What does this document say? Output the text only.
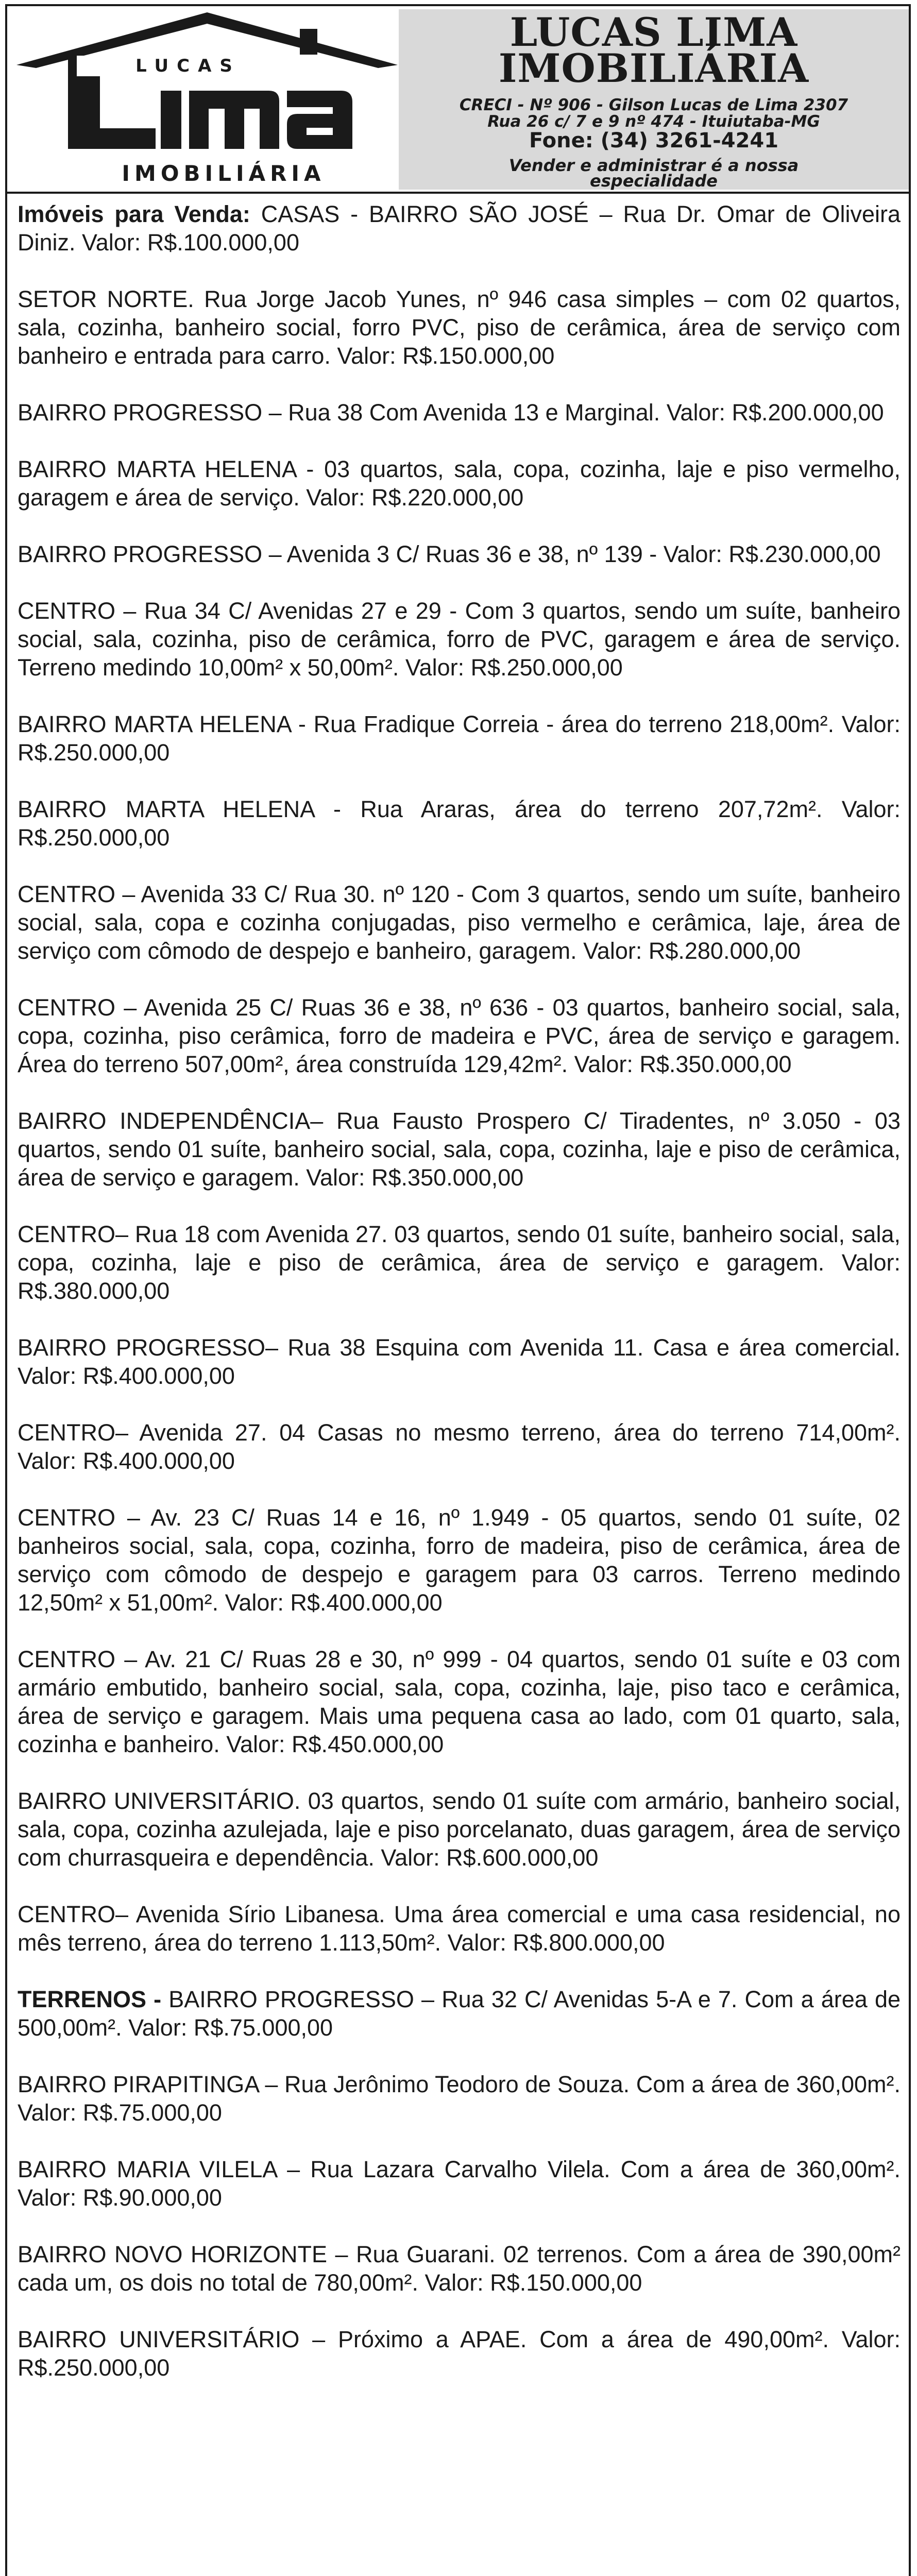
LUCAS
IMOBILIÁRIA
LUCAS LIMA
IMOBILIÁRIA
CRECI - Nº 906 - Gilson Lucas de Lima 2307
Rua 26 c/ 7 e 9 nº 474 - Ituiutaba-MG
Fone: (34) 3261-4241
Vender e administrar é a nossa
especialidade

Imóveis para Venda: CASAS - BAIRRO SÃO JOSÉ – Rua Dr. Omar de Oliveira Diniz. Valor: R$.100.000,00

SETOR NORTE. Rua Jorge Jacob Yunes, nº 946 casa simples – com 02 quartos, sala, cozinha, banheiro social, forro PVC, piso de cerâmica, área de serviço com banheiro e entrada para carro. Valor: R$.150.000,00

BAIRRO PROGRESSO – Rua 38 Com Avenida 13 e Marginal. Valor: R$.200.000,00

BAIRRO MARTA HELENA - 03 quartos, sala, copa, cozinha, laje e piso vermelho, garagem e área de serviço. Valor: R$.220.000,00

BAIRRO PROGRESSO – Avenida 3 C/ Ruas 36 e 38, nº 139 - Valor: R$.230.000,00

CENTRO – Rua 34 C/ Avenidas 27 e 29 - Com 3 quartos, sendo um suíte, banheiro social, sala, cozinha, piso de cerâmica, forro de PVC, garagem e área de serviço. Terreno medindo 10,00m² x 50,00m². Valor: R$.250.000,00

BAIRRO MARTA HELENA - Rua Fradique Correia - área do terreno 218,00m². Valor: R$.250.000,00

BAIRRO MARTA HELENA - Rua Araras, área do terreno 207,72m². Valor: R$.250.000,00

CENTRO – Avenida 33 C/ Rua 30. nº 120 - Com 3 quartos, sendo um suíte, banheiro social, sala, copa e cozinha conjugadas, piso vermelho e cerâmica, laje, área de serviço com cômodo de despejo e banheiro, garagem. Valor: R$.280.000,00

CENTRO – Avenida 25 C/ Ruas 36 e 38, nº 636 - 03 quartos, banheiro social, sala, copa, cozinha, piso cerâmica, forro de madeira e PVC, área de serviço e garagem. Área do terreno 507,00m², área construída 129,42m². Valor: R$.350.000,00

BAIRRO INDEPENDÊNCIA– Rua Fausto Prospero C/ Tiradentes, nº 3.050 - 03 quartos, sendo 01 suíte, banheiro social, sala, copa, cozinha, laje e piso de cerâmica, área de serviço e garagem. Valor: R$.350.000,00

CENTRO– Rua 18 com Avenida 27. 03 quartos, sendo 01 suíte, banheiro social, sala, copa, cozinha, laje e piso de cerâmica, área de serviço e garagem. Valor: R$.380.000,00

BAIRRO PROGRESSO– Rua 38 Esquina com Avenida 11. Casa e área comercial. Valor: R$.400.000,00

CENTRO– Avenida 27. 04 Casas no mesmo terreno, área do terreno 714,00m². Valor: R$.400.000,00

CENTRO – Av. 23 C/ Ruas 14 e 16, nº 1.949 - 05 quartos, sendo 01 suíte, 02 banheiros social, sala, copa, cozinha, forro de madeira, piso de cerâmica, área de serviço com cômodo de despejo e garagem para 03 carros. Terreno medindo 12,50m² x 51,00m². Valor: R$.400.000,00

CENTRO – Av. 21 C/ Ruas 28 e 30, nº 999 - 04 quartos, sendo 01 suíte e 03 com armário embutido, banheiro social, sala, copa, cozinha, laje, piso taco e cerâmica, área de serviço e garagem. Mais uma pequena casa ao lado, com 01 quarto, sala, cozinha e banheiro. Valor: R$.450.000,00

BAIRRO UNIVERSITÁRIO. 03 quartos, sendo 01 suíte com armário, banheiro social, sala, copa, cozinha azulejada, laje e piso porcelanato, duas garagem, área de serviço com churrasqueira e dependência. Valor: R$.600.000,00

CENTRO– Avenida Sírio Libanesa. Uma área comercial e uma casa residencial, no mês terreno, área do terreno 1.113,50m². Valor: R$.800.000,00

TERRENOS - BAIRRO PROGRESSO – Rua 32 C/ Avenidas 5-A e 7. Com a área de 500,00m². Valor: R$.75.000,00

BAIRRO PIRAPITINGA – Rua Jerônimo Teodoro de Souza. Com a área de 360,00m². Valor: R$.75.000,00

BAIRRO MARIA VILELA – Rua Lazara Carvalho Vilela. Com a área de 360,00m². Valor: R$.90.000,00

BAIRRO NOVO HORIZONTE – Rua Guarani. 02 terrenos. Com a área de 390,00m² cada um, os dois no total de 780,00m². Valor: R$.150.000,00

BAIRRO UNIVERSITÁRIO – Próximo a APAE. Com a área de 490,00m². Valor: R$.250.000,00
